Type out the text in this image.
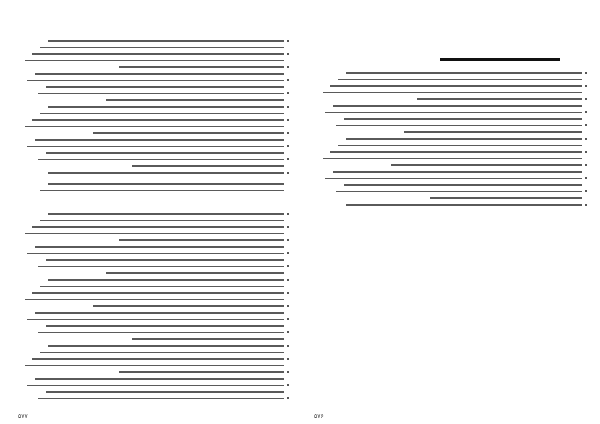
۵۷۷	۵۷۶
